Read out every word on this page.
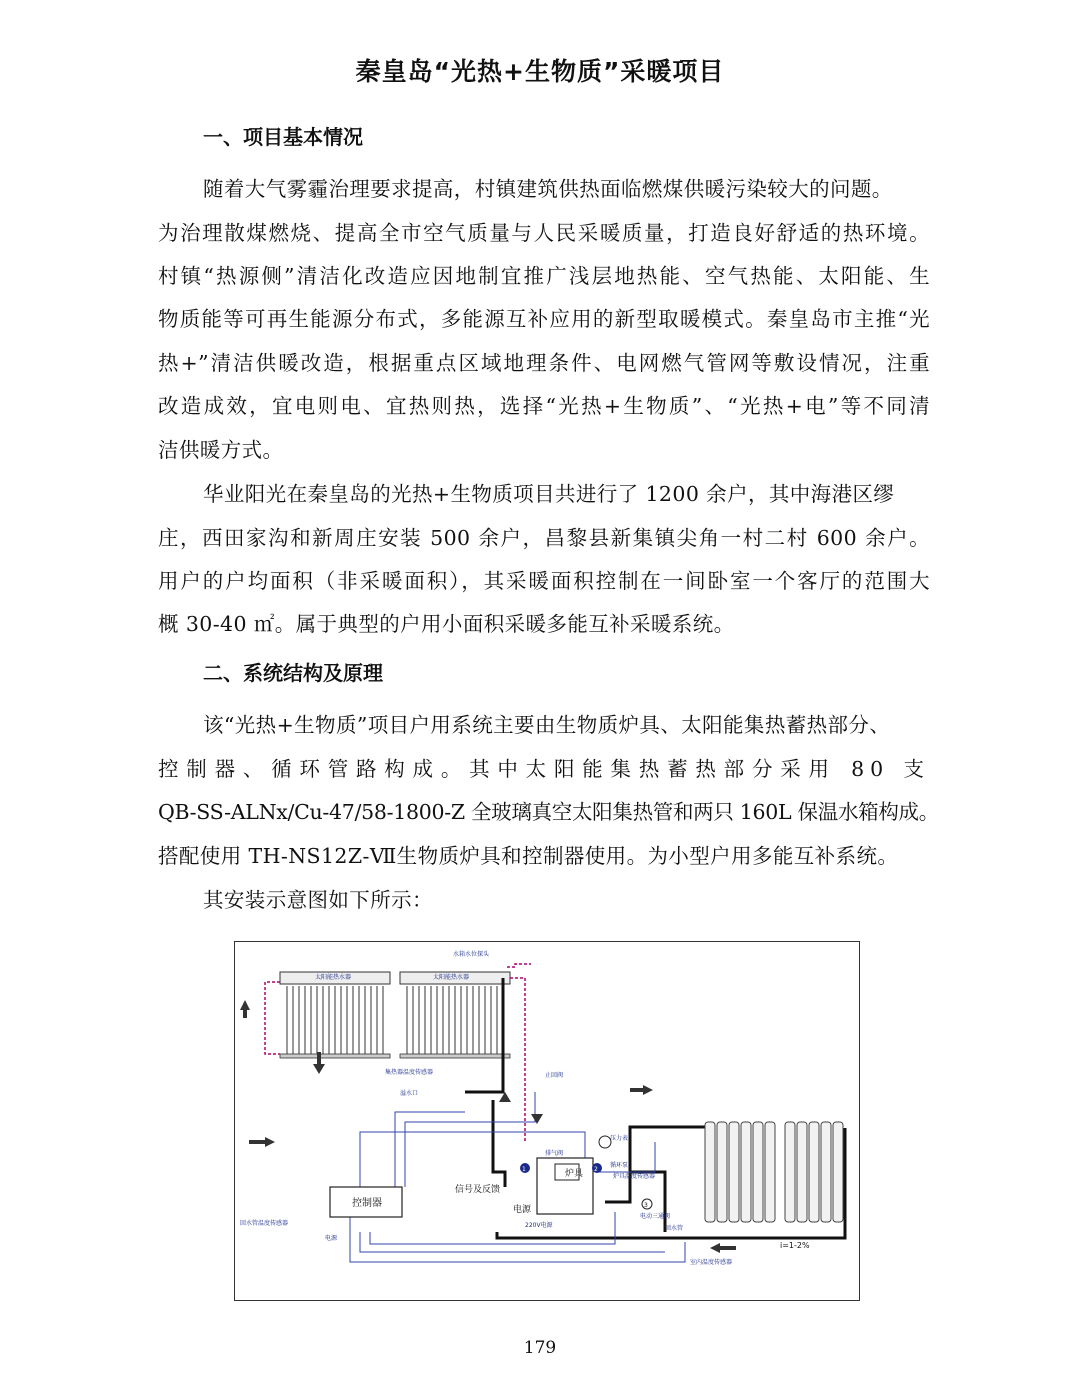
秦皇岛“光热+生物质”采暖项目
一、项目基本情况
随着大气雾霾治理要求提高，村镇建筑供热面临燃煤供暖污染较大的问题。
为治理散煤燃烧、提高全市空气质量与人民采暖质量，打造良好舒适的热环境。
村镇“热源侧”清洁化改造应因地制宜推广浅层地热能、空气热能、太阳能、生
物质能等可再生能源分布式，多能源互补应用的新型取暖模式。秦皇岛市主推“光
热+”清洁供暖改造，根据重点区域地理条件、电网燃气管网等敷设情况，注重
改造成效，宜电则电、宜热则热，选择“光热+生物质”、“光热+电”等不同清
洁供暖方式。
华业阳光在秦皇岛的光热+生物质项目共进行了 1200 余户，其中海港区缪
庄，西田家沟和新周庄安装 500 余户，昌黎县新集镇尖角一村二村 600 余户。
用户的户均面积（非采暖面积），其采暖面积控制在一间卧室一个客厅的范围大
概 30-40 ㎡。属于典型的户用小面积采暖多能互补采暖系统。
二、系统结构及原理
该“光热+生物质”项目户用系统主要由生物质炉具、太阳能集热蓄热部分、
控制器、循环管路构成。其中太阳能集热蓄热部分采用 80 支
QB-SS-ALNx/Cu-47/58-1800-Z 全玻璃真空太阳集热管和两只 160L 保温水箱构成。
搭配使用 TH-NS12Z-Ⅶ生物质炉具和控制器使用。为小型户用多能互补系统。
其安装示意图如下所示：
太阳能热水器	太阳能热水器
水箱水位探头
集热器温度传感器
溢水口
止回阀
排气阀
压力表
循环泵
炉具温度传感器
电动三通阀
室内温度传感器
回水管温度传感器
电源
220V电源	回水管
炉具
控制器
信号及反馈
电源
i=1-2%
1	2
3
179
